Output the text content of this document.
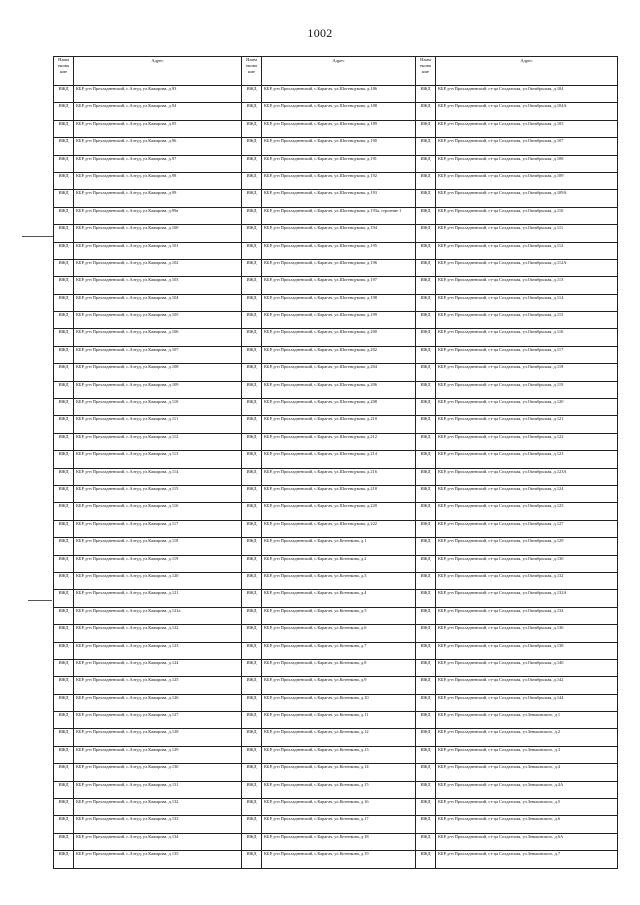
1002
Наим енова ние	Адрес	Наим енова ние	Адрес	Наим енова ние	Адрес
ИЖД	КБР, р-н Прохладненский, с.Алтуд, ул.Кажарова, д.93	ИЖД	КБР, р-н Прохладненский, с.Карагач, ул.Шогенцукова, д.186	ИЖД	КБР, р-н Прохладненский, ст-ца Солдатская, ул.Октябрьская, д.104
ИЖД	КБР, р-н Прохладненский, с.Алтуд, ул.Кажарова, д.94	ИЖД	КБР, р-н Прохладненский, с.Карагач, ул.Шогенцукова, д.188	ИЖД	КБР, р-н Прохладненский, ст-ца Солдатская, ул.Октябрьская, д.104А
ИЖД	КБР, р-н Прохладненский, с.Алтуд, ул.Кажарова, д.95	ИЖД	КБР, р-н Прохладненский, с.Карагач, ул.Шогенцукова, д.189	ИЖД	КБР, р-н Прохладненский, ст-ца Солдатская, ул.Октябрьская, д.105
ИЖД	КБР, р-н Прохладненский, с.Алтуд, ул.Кажарова, д.96	ИЖД	КБР, р-н Прохладненский, с.Карагач, ул.Шогенцукова, д.190	ИЖД	КБР, р-н Прохладненский, ст-ца Солдатская, ул.Октябрьская, д.107
ИЖД	КБР, р-н Прохладненский, с.Алтуд, ул.Кажарова, д.97	ИЖД	КБР, р-н Прохладненский, с.Карагач, ул.Шогенцукова, д.191	ИЖД	КБР, р-н Прохладненский, ст-ца Солдатская, ул.Октябрьская, д.108
ИЖД	КБР, р-н Прохладненский, с.Алтуд, ул.Кажарова, д.98	ИЖД	КБР, р-н Прохладненский, с.Карагач, ул.Шогенцукова, д.192	ИЖД	КБР, р-н Прохладненский, ст-ца Солдатская, ул.Октябрьская, д.109
ИЖД	КБР, р-н Прохладненский, с.Алтуд, ул.Кажарова, д.99	ИЖД	КБР, р-н Прохладненский, с.Карагач, ул.Шогенцукова, д.193	ИЖД	КБР, р-н Прохладненский, ст-ца Солдатская, ул.Октябрьская, д.109А
ИЖД	КБР, р-н Прохладненский, с.Алтуд, ул.Кажарова, д.99а	ИЖД	КБР, р-н Прохладненский, с.Карагач, ул.Шогенцукова, д.193а, строение 1	ИЖД	КБР, р-н Прохладненский, ст-ца Солдатская, ул.Октябрьская, д.110
ИЖД	КБР, р-н Прохладненский, с.Алтуд, ул.Кажарова, д.100	ИЖД	КБР, р-н Прохладненский, с.Карагач, ул.Шогенцукова, д.194	ИЖД	КБР, р-н Прохладненский, ст-ца Солдатская, ул.Октябрьская, д.111
ИЖД	КБР, р-н Прохладненский, с.Алтуд, ул.Кажарова, д.101	ИЖД	КБР, р-н Прохладненский, с.Карагач, ул.Шогенцукова, д.195	ИЖД	КБР, р-н Прохладненский, ст-ца Солдатская, ул.Октябрьская, д.112
ИЖД	КБР, р-н Прохладненский, с.Алтуд, ул.Кажарова, д.102	ИЖД	КБР, р-н Прохладненский, с.Карагач, ул.Шогенцукова, д.196	ИЖД	КБР, р-н Прохладненский, ст-ца Солдатская, ул.Октябрьская, д.112А
ИЖД	КБР, р-н Прохладненский, с.Алтуд, ул.Кажарова, д.103	ИЖД	КБР, р-н Прохладненский, с.Карагач, ул.Шогенцукова, д.197	ИЖД	КБР, р-н Прохладненский, ст-ца Солдатская, ул.Октябрьская, д.113
ИЖД	КБР, р-н Прохладненский, с.Алтуд, ул.Кажарова, д.104	ИЖД	КБР, р-н Прохладненский, с.Карагач, ул.Шогенцукова, д.198	ИЖД	КБР, р-н Прохладненский, ст-ца Солдатская, ул.Октябрьская, д.114
ИЖД	КБР, р-н Прохладненский, с.Алтуд, ул.Кажарова, д.105	ИЖД	КБР, р-н Прохладненский, с.Карагач, ул.Шогенцукова, д.199	ИЖД	КБР, р-н Прохладненский, ст-ца Солдатская, ул.Октябрьская, д.115
ИЖД	КБР, р-н Прохладненский, с.Алтуд, ул.Кажарова, д.106	ИЖД	КБР, р-н Прохладненский, с.Карагач, ул.Шогенцукова, д.200	ИЖД	КБР, р-н Прохладненский, ст-ца Солдатская, ул.Октябрьская, д.116
ИЖД	КБР, р-н Прохладненский, с.Алтуд, ул.Кажарова, д.107	ИЖД	КБР, р-н Прохладненский, с.Карагач, ул.Шогенцукова, д.202	ИЖД	КБР, р-н Прохладненский, ст-ца Солдатская, ул.Октябрьская, д.117
ИЖД	КБР, р-н Прохладненский, с.Алтуд, ул.Кажарова, д.108	ИЖД	КБР, р-н Прохладненский, с.Карагач, ул.Шогенцукова, д.204	ИЖД	КБР, р-н Прохладненский, ст-ца Солдатская, ул.Октябрьская, д.118
ИЖД	КБР, р-н Прохладненский, с.Алтуд, ул.Кажарова, д.109	ИЖД	КБР, р-н Прохладненский, с.Карагач, ул.Шогенцукова, д.206	ИЖД	КБР, р-н Прохладненский, ст-ца Солдатская, ул.Октябрьская, д.119
ИЖД	КБР, р-н Прохладненский, с.Алтуд, ул.Кажарова, д.110	ИЖД	КБР, р-н Прохладненский, с.Карагач, ул.Шогенцукова, д.208	ИЖД	КБР, р-н Прохладненский, ст-ца Солдатская, ул.Октябрьская, д.120
ИЖД	КБР, р-н Прохладненский, с.Алтуд, ул.Кажарова, д.111	ИЖД	КБР, р-н Прохладненский, с.Карагач, ул.Шогенцукова, д.210	ИЖД	КБР, р-н Прохладненский, ст-ца Солдатская, ул.Октябрьская, д.121
ИЖД	КБР, р-н Прохладненский, с.Алтуд, ул.Кажарова, д.112	ИЖД	КБР, р-н Прохладненский, с.Карагач, ул.Шогенцукова, д.212	ИЖД	КБР, р-н Прохладненский, ст-ца Солдатская, ул.Октябрьская, д.122
ИЖД	КБР, р-н Прохладненский, с.Алтуд, ул.Кажарова, д.113	ИЖД	КБР, р-н Прохладненский, с.Карагач, ул.Шогенцукова, д.214	ИЖД	КБР, р-н Прохладненский, ст-ца Солдатская, ул.Октябрьская, д.123
ИЖД	КБР, р-н Прохладненский, с.Алтуд, ул.Кажарова, д.114	ИЖД	КБР, р-н Прохладненский, с.Карагач, ул.Шогенцукова, д.216	ИЖД	КБР, р-н Прохладненский, ст-ца Солдатская, ул.Октябрьская, д.123А
ИЖД	КБР, р-н Прохладненский, с.Алтуд, ул.Кажарова, д.115	ИЖД	КБР, р-н Прохладненский, с.Карагач, ул.Шогенцукова, д.218	ИЖД	КБР, р-н Прохладненский, ст-ца Солдатская, ул.Октябрьская, д.124
ИЖД	КБР, р-н Прохладненский, с.Алтуд, ул.Кажарова, д.116	ИЖД	КБР, р-н Прохладненский, с.Карагач, ул.Шогенцукова, д.220	ИЖД	КБР, р-н Прохладненский, ст-ца Солдатская, ул.Октябрьская, д.125
ИЖД	КБР, р-н Прохладненский, с.Алтуд, ул.Кажарова, д.117	ИЖД	КБР, р-н Прохладненский, с.Карагач, ул.Шогенцукова, д.222	ИЖД	КБР, р-н Прохладненский, ст-ца Солдатская, ул.Октябрьская, д.127
ИЖД	КБР, р-н Прохладненский, с.Алтуд, ул.Кажарова, д.118	ИЖД	КБР, р-н Прохладненский, с.Карагач, ул.Котенкова, д.1	ИЖД	КБР, р-н Прохладненский, ст-ца Солдатская, ул.Октябрьская, д.129
ИЖД	КБР, р-н Прохладненский, с.Алтуд, ул.Кажарова, д.119	ИЖД	КБР, р-н Прохладненский, с.Карагач, ул.Котенкова, д.2	ИЖД	КБР, р-н Прохладненский, ст-ца Солдатская, ул.Октябрьская, д.130
ИЖД	КБР, р-н Прохладненский, с.Алтуд, ул.Кажарова, д.120	ИЖД	КБР, р-н Прохладненский, с.Карагач, ул.Котенкова, д.3	ИЖД	КБР, р-н Прохладненский, ст-ца Солдатская, ул.Октябрьская, д.132
ИЖД	КБР, р-н Прохладненский, с.Алтуд, ул.Кажарова, д.121	ИЖД	КБР, р-н Прохладненский, с.Карагач, ул.Котенкова, д.4	ИЖД	КБР, р-н Прохладненский, ст-ца Солдатская, ул.Октябрьская, д.132А
ИЖД	КБР, р-н Прохладненский, с.Алтуд, ул.Кажарова, д.121а	ИЖД	КБР, р-н Прохладненский, с.Карагач, ул.Котенкова, д.5	ИЖД	КБР, р-н Прохладненский, ст-ца Солдатская, ул.Октябрьская, д.134
ИЖД	КБР, р-н Прохладненский, с.Алтуд, ул.Кажарова, д.122	ИЖД	КБР, р-н Прохладненский, с.Карагач, ул.Котенкова, д.6	ИЖД	КБР, р-н Прохладненский, ст-ца Солдатская, ул.Октябрьская, д.136
ИЖД	КБР, р-н Прохладненский, с.Алтуд, ул.Кажарова, д.123	ИЖД	КБР, р-н Прохладненский, с.Карагач, ул.Котенкова, д.7	ИЖД	КБР, р-н Прохладненский, ст-ца Солдатская, ул.Октябрьская, д.138
ИЖД	КБР, р-н Прохладненский, с.Алтуд, ул.Кажарова, д.124	ИЖД	КБР, р-н Прохладненский, с.Карагач, ул.Котенкова, д.8	ИЖД	КБР, р-н Прохладненский, ст-ца Солдатская, ул.Октябрьская, д.140
ИЖД	КБР, р-н Прохладненский, с.Алтуд, ул.Кажарова, д.125	ИЖД	КБР, р-н Прохладненский, с.Карагач, ул.Котенкова, д.9	ИЖД	КБР, р-н Прохладненский, ст-ца Солдатская, ул.Октябрьская, д.142
ИЖД	КБР, р-н Прохладненский, с.Алтуд, ул.Кажарова, д.126	ИЖД	КБР, р-н Прохладненский, с.Карагач, ул.Котенкова, д.10	ИЖД	КБР, р-н Прохладненский, ст-ца Солдатская, ул.Октябрьская, д.144
ИЖД	КБР, р-н Прохладненский, с.Алтуд, ул.Кажарова, д.127	ИЖД	КБР, р-н Прохладненский, с.Карагач, ул.Котенкова, д.11	ИЖД	КБР, р-н Прохладненский, ст-ца Солдатская, ул.Зеньковского, д.1
ИЖД	КБР, р-н Прохладненский, с.Алтуд, ул.Кажарова, д.128	ИЖД	КБР, р-н Прохладненский, с.Карагач, ул.Котенкова, д.12	ИЖД	КБР, р-н Прохладненский, ст-ца Солдатская, ул.Зеньковского, д.2
ИЖД	КБР, р-н Прохладненский, с.Алтуд, ул.Кажарова, д.129	ИЖД	КБР, р-н Прохладненский, с.Карагач, ул.Котенкова, д.13	ИЖД	КБР, р-н Прохладненский, ст-ца Солдатская, ул.Зеньковского, д.3
ИЖД	КБР, р-н Прохладненский, с.Алтуд, ул.Кажарова, д.130	ИЖД	КБР, р-н Прохладненский, с.Карагач, ул.Котенкова, д.14	ИЖД	КБР, р-н Прохладненский, ст-ца Солдатская, ул.Зеньковского, д.4
ИЖД	КБР, р-н Прохладненский, с.Алтуд, ул.Кажарова, д.131	ИЖД	КБР, р-н Прохладненский, с.Карагач, ул.Котенкова, д.15	ИЖД	КБР, р-н Прохладненский, ст-ца Солдатская, ул.Зеньковского, д.4А
ИЖД	КБР, р-н Прохладненский, с.Алтуд, ул.Кажарова, д.132	ИЖД	КБР, р-н Прохладненский, с.Карагач, ул.Котенкова, д.16	ИЖД	КБР, р-н Прохладненский, ст-ца Солдатская, ул.Зеньковского, д.5
ИЖД	КБР, р-н Прохладненский, с.Алтуд, ул.Кажарова, д.133	ИЖД	КБР, р-н Прохладненский, с.Карагач, ул.Котенкова, д.17	ИЖД	КБР, р-н Прохладненский, ст-ца Солдатская, ул.Зеньковского, д.6
ИЖД	КБР, р-н Прохладненский, с.Алтуд, ул.Кажарова, д.134	ИЖД	КБР, р-н Прохладненский, с.Карагач, ул.Котенкова, д.18	ИЖД	КБР, р-н Прохладненский, ст-ца Солдатская, ул.Зеньковского, д.6А
ИЖД	КБР, р-н Прохладненский, с.Алтуд, ул.Кажарова, д.135	ИЖД	КБР, р-н Прохладненский, с.Карагач, ул.Котенкова, д.19	ИЖД	КБР, р-н Прохладненский, ст-ца Солдатская, ул.Зеньковского, д.7
